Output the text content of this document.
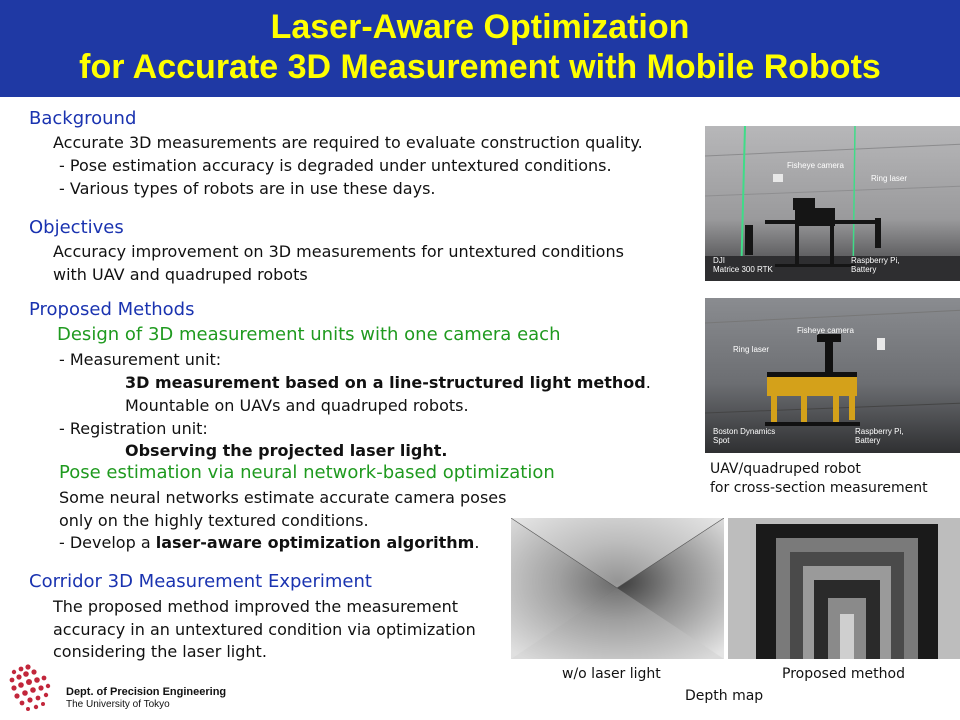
Laser-Aware Optimization
for Accurate 3D Measurement with Mobile Robots
Background
Accurate 3D measurements are required to evaluate construction quality.
- Pose estimation accuracy is degraded under untextured conditions.
- Various types of robots are in use these days.
Objectives
Accuracy improvement on 3D measurements for untextured conditions
with UAV and quadruped robots
Proposed Methods
Design of 3D measurement units with one camera each
- Measurement unit:
3D measurement based on a line-structured light method.
Mountable on UAVs and quadruped robots.
- Registration unit:
Observing the projected laser light.
Pose estimation via neural network-based optimization
Some neural networks estimate accurate camera poses
only on the highly textured conditions.
- Develop a laser-aware optimization algorithm.
Corridor 3D Measurement Experiment
The proposed method improved the measurement
accuracy in an untextured condition via optimization
considering the laser light.
Fisheye camera
Ring laser
DJI
Matrice 300 RTK
Raspberry Pi,
Battery
Fisheye camera
Ring laser
Boston Dynamics
Spot
Raspberry Pi,
Battery
UAV/quadruped robot
for cross-section measurement
w/o laser light	Proposed method
Depth map
Dept. of Precision Engineering
The University of Tokyo
